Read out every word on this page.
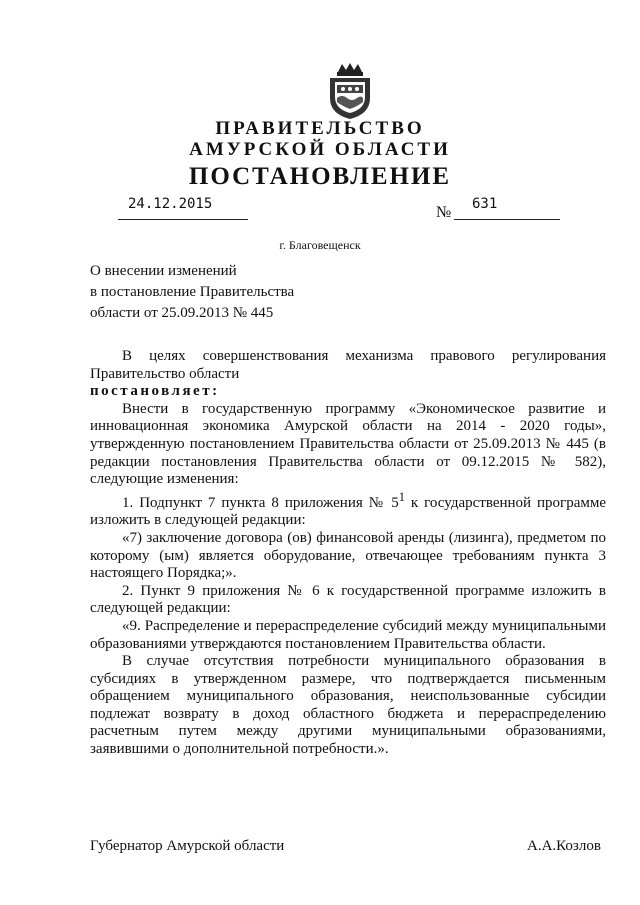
ПРАВИТЕЛЬСТВО
АМУРСКОЙ ОБЛАСТИ
ПОСТАНОВЛЕНИЕ
24.12.2015	№ 631
г. Благовещенск
О внесении изменений
в постановление Правительства
области от 25.09.2013 № 445

В целях совершенствования механизма правового регулирования Правительство области

постановляет:

Внести в государственную программу «Экономическое развитие и инновационная экономика Амурской области на 2014 - 2020 годы», утвержденную постановлением Правительства области от 25.09.2013 № 445 (в редакции постановления Правительства области от 09.12.2015 № 582), следующие изменения:

1. Подпункт 7 пункта 8 приложения № $5^1$ к государственной программе изложить в следующей редакции:

«7) заключение договора (ов) финансовой аренды (лизинга), предметом по которому (ым) является оборудование, отвечающее требованиям пункта 3 настоящего Порядка;».

2. Пункт 9 приложения № 6 к государственной программе изложить в следующей редакции:

«9. Распределение и перераспределение субсидий между муниципальными образованиями утверждаются постановлением Правительства области.

В случае отсутствия потребности муниципального образования в субсидиях в утвержденном размере, что подтверждается письменным обращением муниципального образования, неиспользованные субсидии подлежат возврату в доход областного бюджета и перераспределению расчетным путем между другими муниципальными образованиями, заявившими о дополнительной потребности.».

Губернатор Амурской области	А.А.Козлов
